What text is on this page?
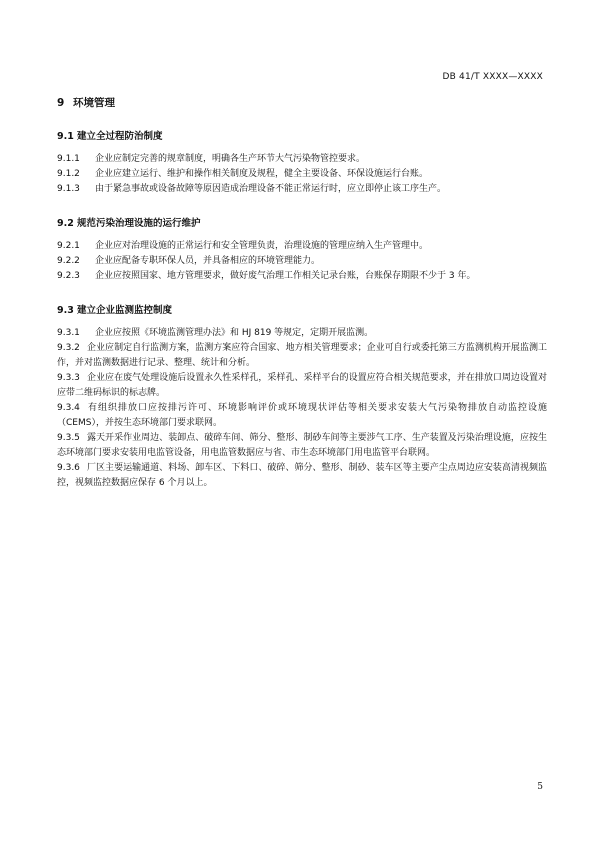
DB 41/T XXXX—XXXX
9 环境管理
9.1 建立全过程防治制度

9.1.1 企业应制定完善的规章制度，明确各生产环节大气污染物管控要求。

9.1.2 企业应建立运行、维护和操作相关制度及规程，健全主要设备、环保设施运行台账。

9.1.3 由于紧急事故或设备故障等原因造成治理设备不能正常运行时，应立即停止该工序生产。

9.2 规范污染治理设施的运行维护

9.2.1 企业应对治理设施的正常运行和安全管理负责，治理设施的管理应纳入生产管理中。

9.2.2 企业应配备专职环保人员，并具备相应的环境管理能力。

9.2.3 企业应按照国家、地方管理要求，做好废气治理工作相关记录台账，台账保存期限不少于 3 年。

9.3 建立企业监测监控制度

9.3.1 企业应按照《环境监测管理办法》和 HJ 819 等规定，定期开展监测。

9.3.2 企业应制定自行监测方案，监测方案应符合国家、地方相关管理要求；企业可自行或委托第三方监测机构开展监测工作，并对监测数据进行记录、整理、统计和分析。

9.3.3 企业应在废气处理设施后设置永久性采样孔，采样孔、采样平台的设置应符合相关规范要求，并在排放口周边设置对应带二维码标识的标志牌。

9.3.4 有组织排放口应按排污许可、环境影响评价或环境现状评估等相关要求安装大气污染物排放自动监控设施（CEMS），并按生态环境部门要求联网。

9.3.5 露天开采作业周边、装卸点、破碎车间、筛分、整形、制砂车间等主要涉气工序、生产装置及污染治理设施，应按生态环境部门要求安装用电监管设备，用电监管数据应与省、市生态环境部门用电监管平台联网。

9.3.6 厂区主要运输通道、料场、卸车区、下料口、破碎、筛分、整形、制砂、装车区等主要产尘点周边应安装高清视频监控，视频监控数据应保存 6 个月以上。

5
